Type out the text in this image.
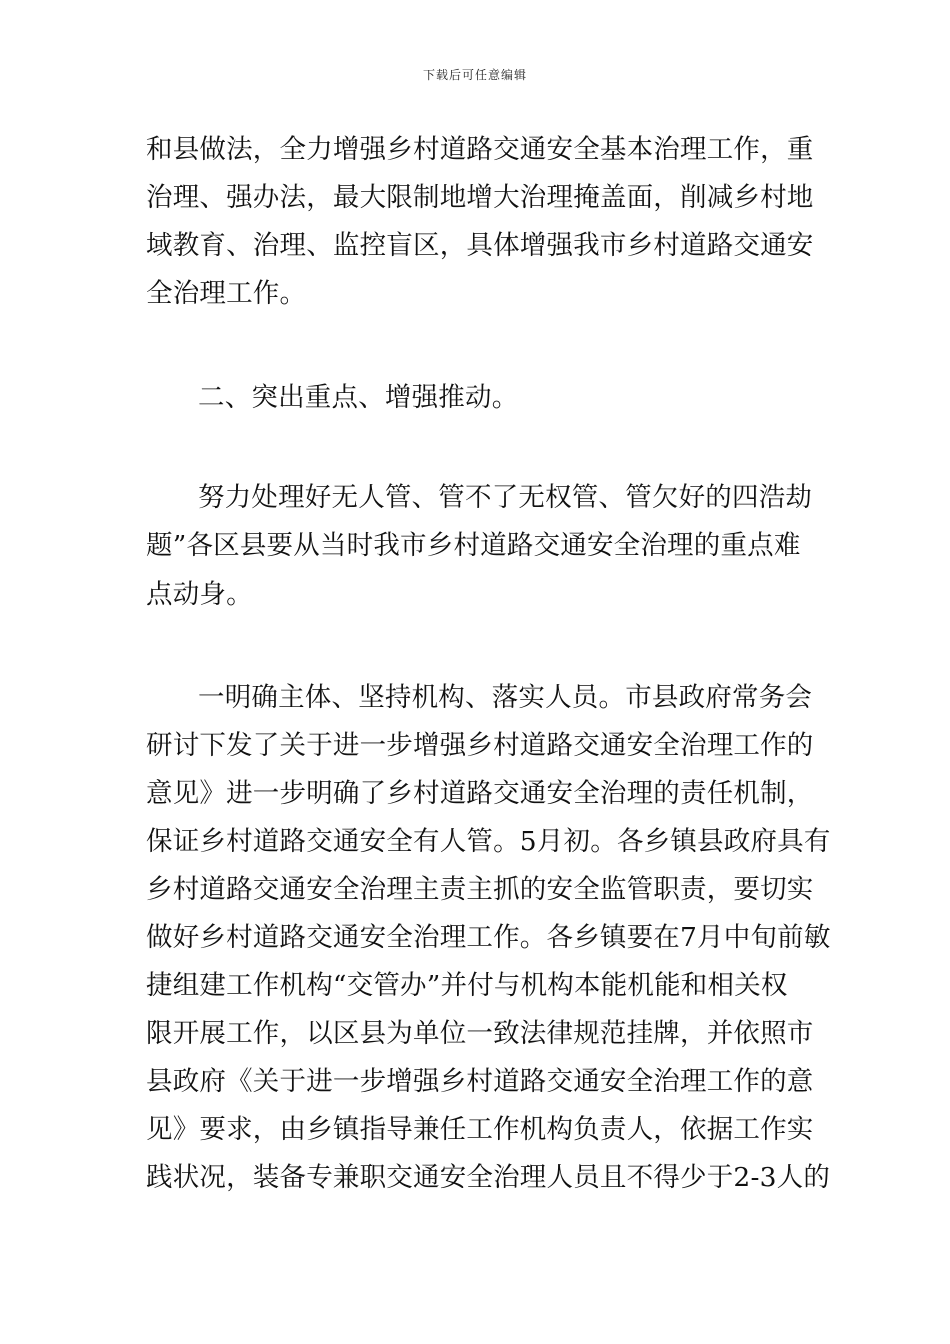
下载后可任意编辑
和县做法，全力增强乡村道路交通安全基本治理工作，重
治理、强办法，最大限制地增大治理掩盖面，削减乡村地
域教育、治理、监控盲区，具体增强我市乡村道路交通安
全治理工作。
二、突出重点、增强推动。
努力处理好无人管、管不了无权管、管欠好的四浩劫
题”各区县要从当时我市乡村道路交通安全治理的重点难
点动身。
一明确主体、坚持机构、落实人员。市县政府常务会
研讨下发了关于进一步增强乡村道路交通安全治理工作的
意见》进一步明确了乡村道路交通安全治理的责任机制，
保证乡村道路交通安全有人管。5月初。各乡镇县政府具有
乡村道路交通安全治理主责主抓的安全监管职责，要切实
做好乡村道路交通安全治理工作。各乡镇要在7月中旬前敏
捷组建工作机构“交管办”并付与机构本能机能和相关权
限开展工作，以区县为单位一致法律规范挂牌，并依照市
县政府《关于进一步增强乡村道路交通安全治理工作的意
见》要求，由乡镇指导兼任工作机构负责人，依据工作实
践状况，装备专兼职交通安全治理人员且不得少于2-3人的
